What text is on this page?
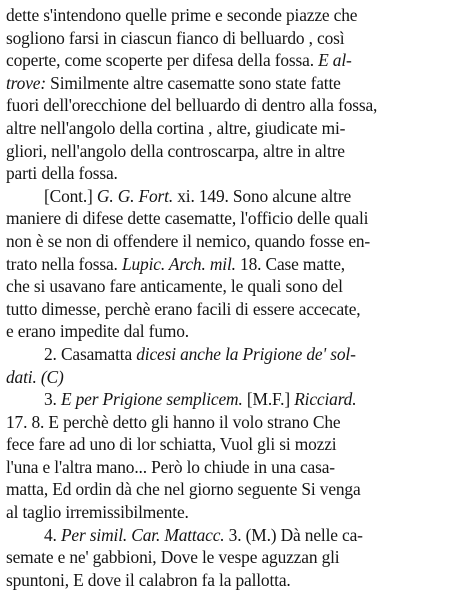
dette s'intendono quelle prime e seconde piazze che
sogliono farsi in ciascun fianco di belluardo , così
coperte, come scoperte per difesa della fossa. E al-
trove: Similmente altre casematte sono state fatte
fuori dell'orecchione del belluardo di dentro alla fossa,
altre nell'angolo della cortina , altre, giudicate mi-
gliori, nell'angolo della controscarpa, altre in altre
parti della fossa.
[Cont.] G. G. Fort. xi. 149. Sono alcune altre
maniere di difese dette casematte, l'officio delle quali
non è se non di offendere il nemico, quando fosse en-
trato nella fossa. Lupic. Arch. mil. 18. Case matte,
che si usavano fare anticamente, le quali sono del
tutto dimesse, perchè erano facili di essere accecate,
e erano impedite dal fumo.
2. Casamatta dicesi anche la Prigione de' sol-
dati. (C)
3. E per Prigione semplicem. [M.F.] Ricciard.
17. 8. E perchè detto gli hanno il volo strano Che
fece fare ad uno di lor schiatta, Vuol gli si mozzi
l'una e l'altra mano... Però lo chiude in una casa-
matta, Ed ordin dà che nel giorno seguente Si venga
al taglio irremissibilmente.
4. Per simil. Car. Mattacc. 3. (M.) Dà nelle ca-
semate e ne' gabbioni, Dove le vespe aguzzan gli
spuntoni, E dove il calabron fa la pallotta.
